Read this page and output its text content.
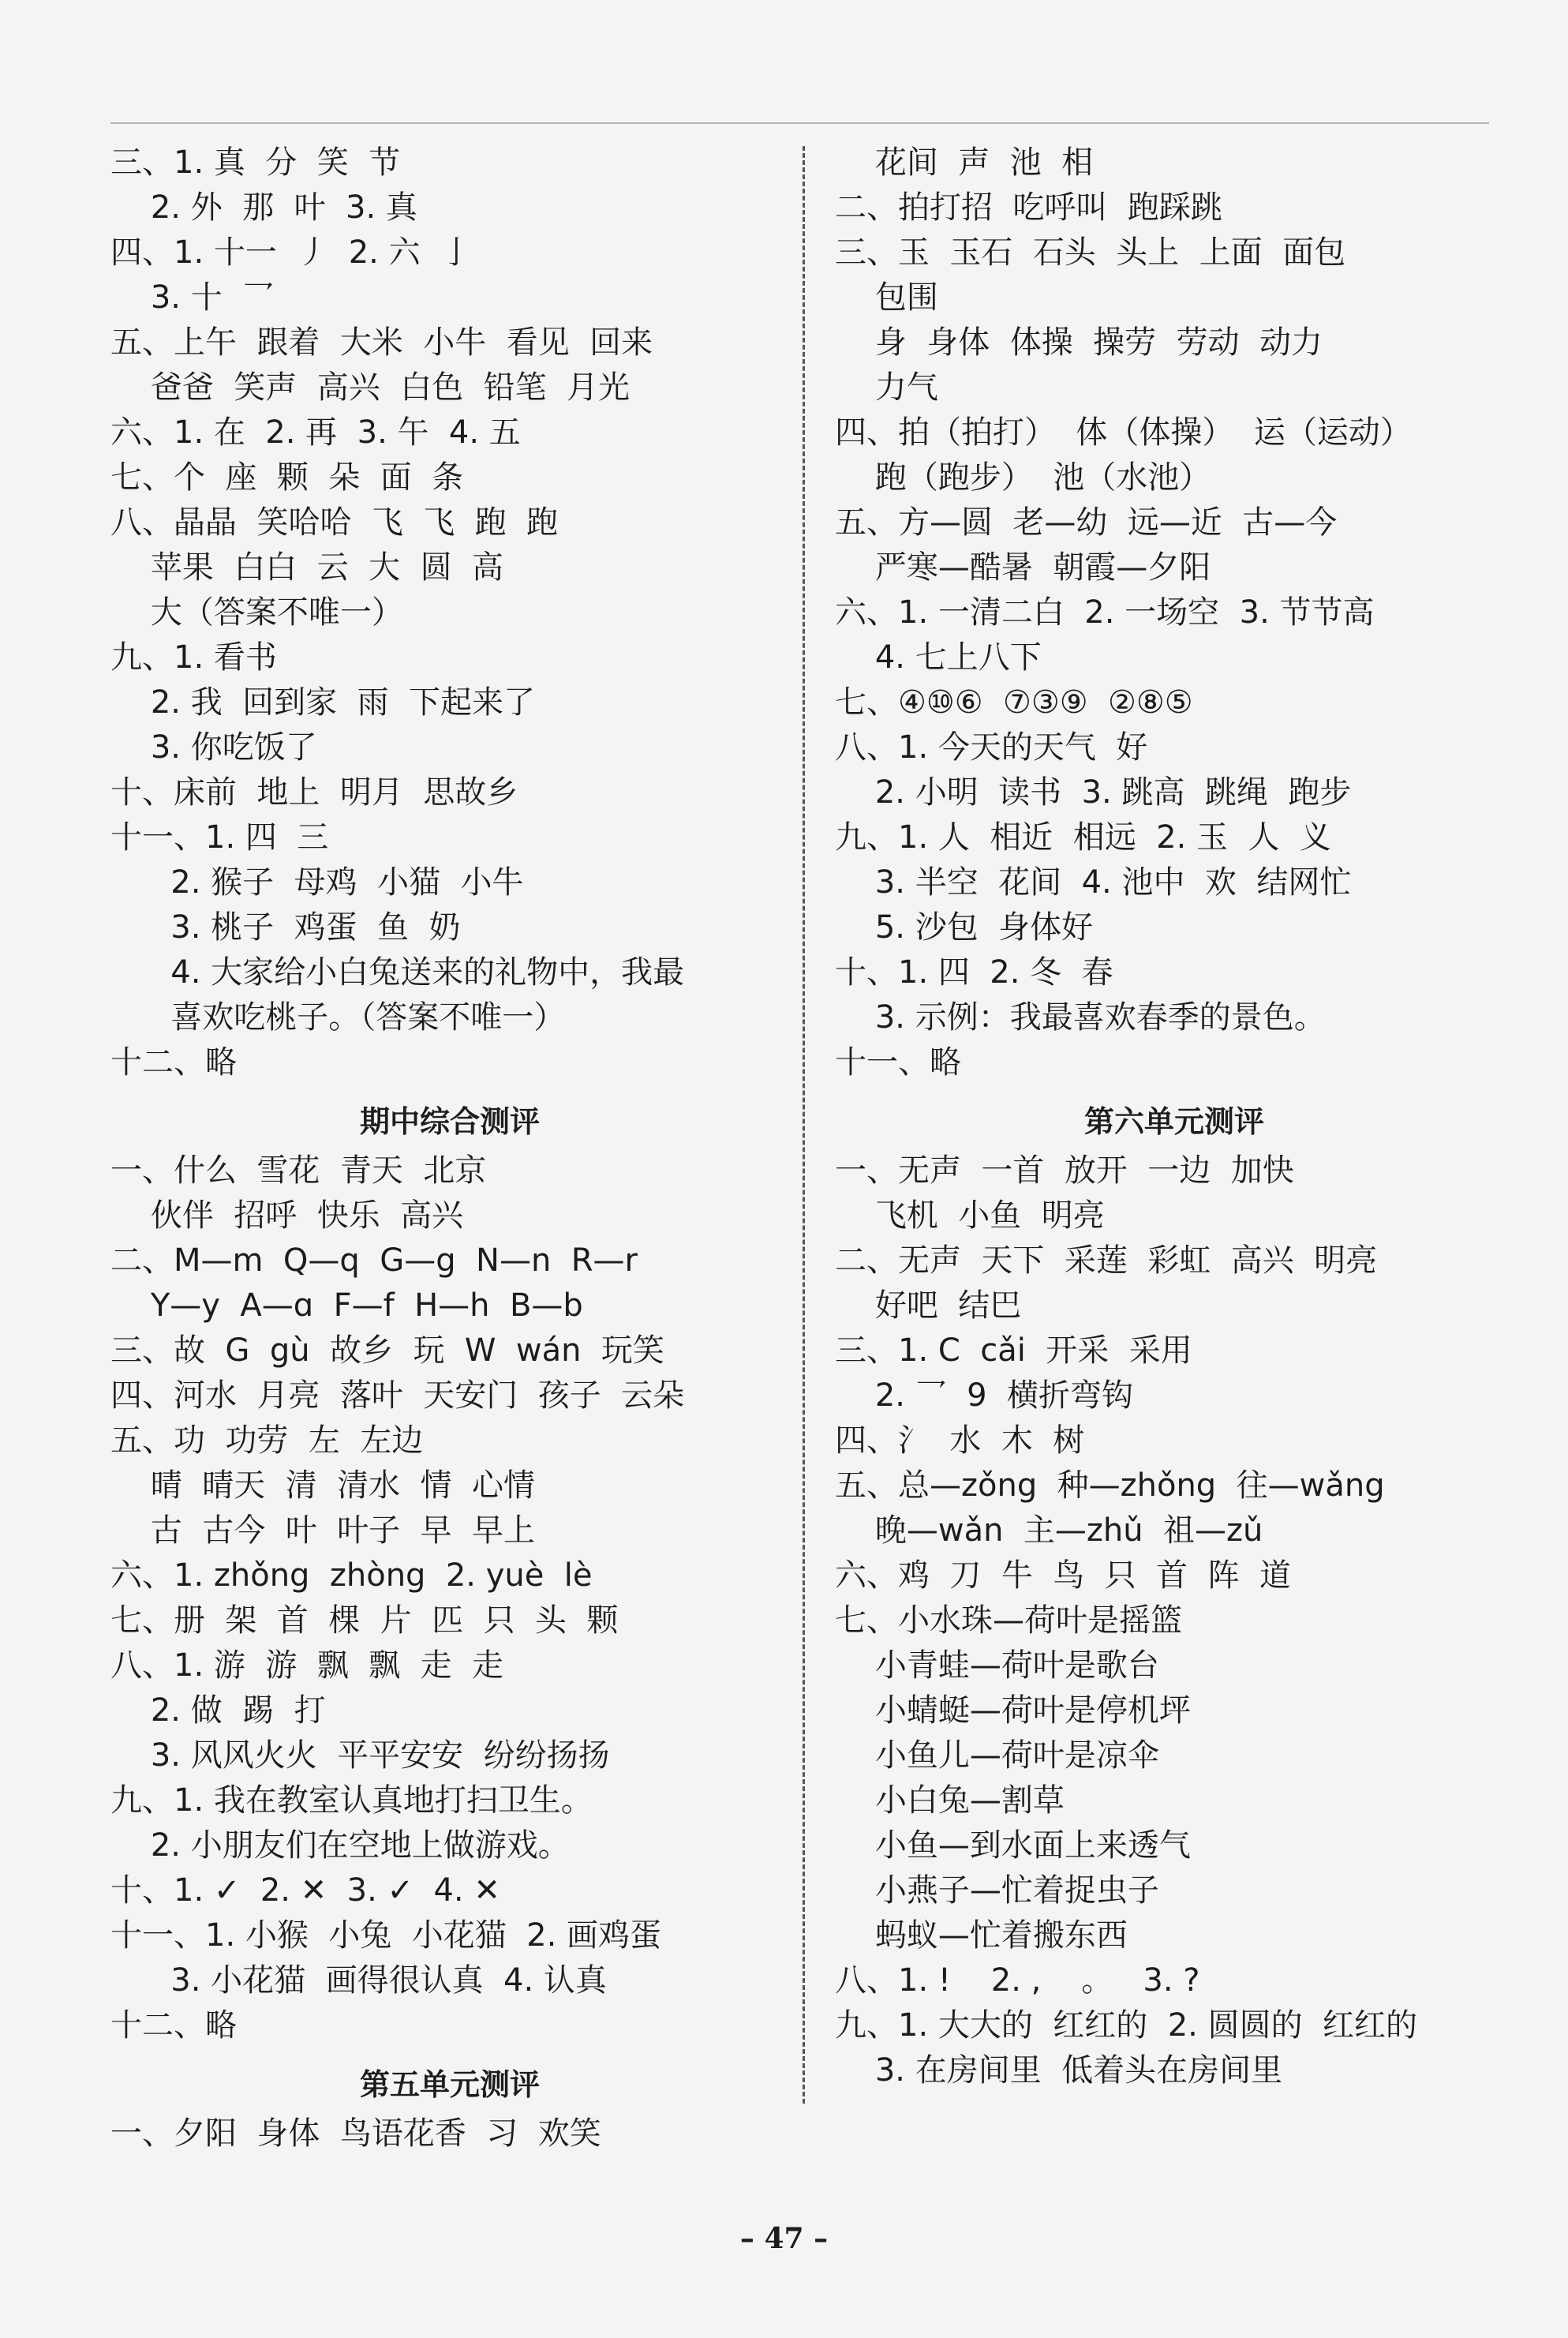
三、1. 真  分  笑  节
2. 外  那  叶  3. 真
四、1. 十一  丿  2. 六  亅
3. 十  乛
五、上午  跟着  大米  小牛  看见  回来
爸爸  笑声  高兴  白色  铅笔  月光
六、1. 在  2. 再  3. 午  4. 五
七、个  座  颗  朵  面  条
八、晶晶  笑哈哈  飞  飞  跑  跑
苹果  白白  云  大  圆  高
大（答案不唯一）
九、1. 看书
2. 我  回到家  雨  下起来了
3. 你吃饭了
十、床前  地上  明月  思故乡
十一、1. 四  三
2. 猴子  母鸡  小猫  小牛
3. 桃子  鸡蛋  鱼  奶
4. 大家给小白兔送来的礼物中，我最
喜欢吃桃子。（答案不唯一）
十二、略
期中综合测评
一、什么  雪花  青天  北京
伙伴  招呼  快乐  高兴
二、M—m  Q—q  G—g  N—n  R—r
Y—y  A—ɑ  F—f  H—h  B—b
三、故  G  gù  故乡  玩  W  wán  玩笑
四、河水  月亮  落叶  天安门  孩子  云朵
五、功  功劳  左  左边
晴  晴天  清  清水  情  心情
古  古今  叶  叶子  早  早上
六、1. zhǒng  zhòng  2. yuè  lè
七、册  架  首  棵  片  匹  只  头  颗
八、1. 游  游  飘  飘  走  走
2. 做  踢  打
3. 风风火火  平平安安  纷纷扬扬
九、1. 我在教室认真地打扫卫生。
2. 小朋友们在空地上做游戏。
十、1. ✓  2. ✕  3. ✓  4. ✕
十一、1. 小猴  小兔  小花猫  2. 画鸡蛋
3. 小花猫  画得很认真  4. 认真
十二、略
第五单元测评
一、夕阳  身体  鸟语花香  习  欢笑
花间  声  池  相
二、拍打招  吃呼叫  跑踩跳
三、玉  玉石  石头  头上  上面  面包
包围
身  身体  体操  操劳  劳动  动力
力气
四、拍（拍打）  体（体操）  运（运动）
跑（跑步）  池（水池）
五、方—圆  老—幼  远—近  古—今
严寒—酷暑  朝霞—夕阳
六、1. 一清二白  2. 一场空  3. 节节高
4. 七上八下
七、④⑩⑥  ⑦③⑨  ②⑧⑤
八、1. 今天的天气  好
2. 小明  读书  3. 跳高  跳绳  跑步
九、1. 人  相近  相远  2. 玉  人  义
3. 半空  花间  4. 池中  欢  结网忙
5. 沙包  身体好
十、1. 四  2. 冬  春
3. 示例：我最喜欢春季的景色。
十一、略
第六单元测评
一、无声  一首  放开  一边  加快
飞机  小鱼  明亮
二、无声  天下  采莲  彩虹  高兴  明亮
好吧  结巴
三、1. C  cǎi  开采  采用
2. 乛  9  横折弯钩
四、氵  水  木  树
五、总—zǒng  种—zhǒng  往—wǎng
晚—wǎn  主—zhǔ  祖—zǔ
六、鸡  刀  牛  鸟  只  首  阵  道
七、小水珠—荷叶是摇篮
小青蛙—荷叶是歌台
小蜻蜓—荷叶是停机坪
小鱼儿—荷叶是凉伞
小白兔—割草
小鱼—到水面上来透气
小燕子—忙着捉虫子
蚂蚁—忙着搬东西
八、1. !    2. ,    。   3. ?
九、1. 大大的  红红的  2. 圆圆的  红红的
3. 在房间里  低着头在房间里
– 47 –
